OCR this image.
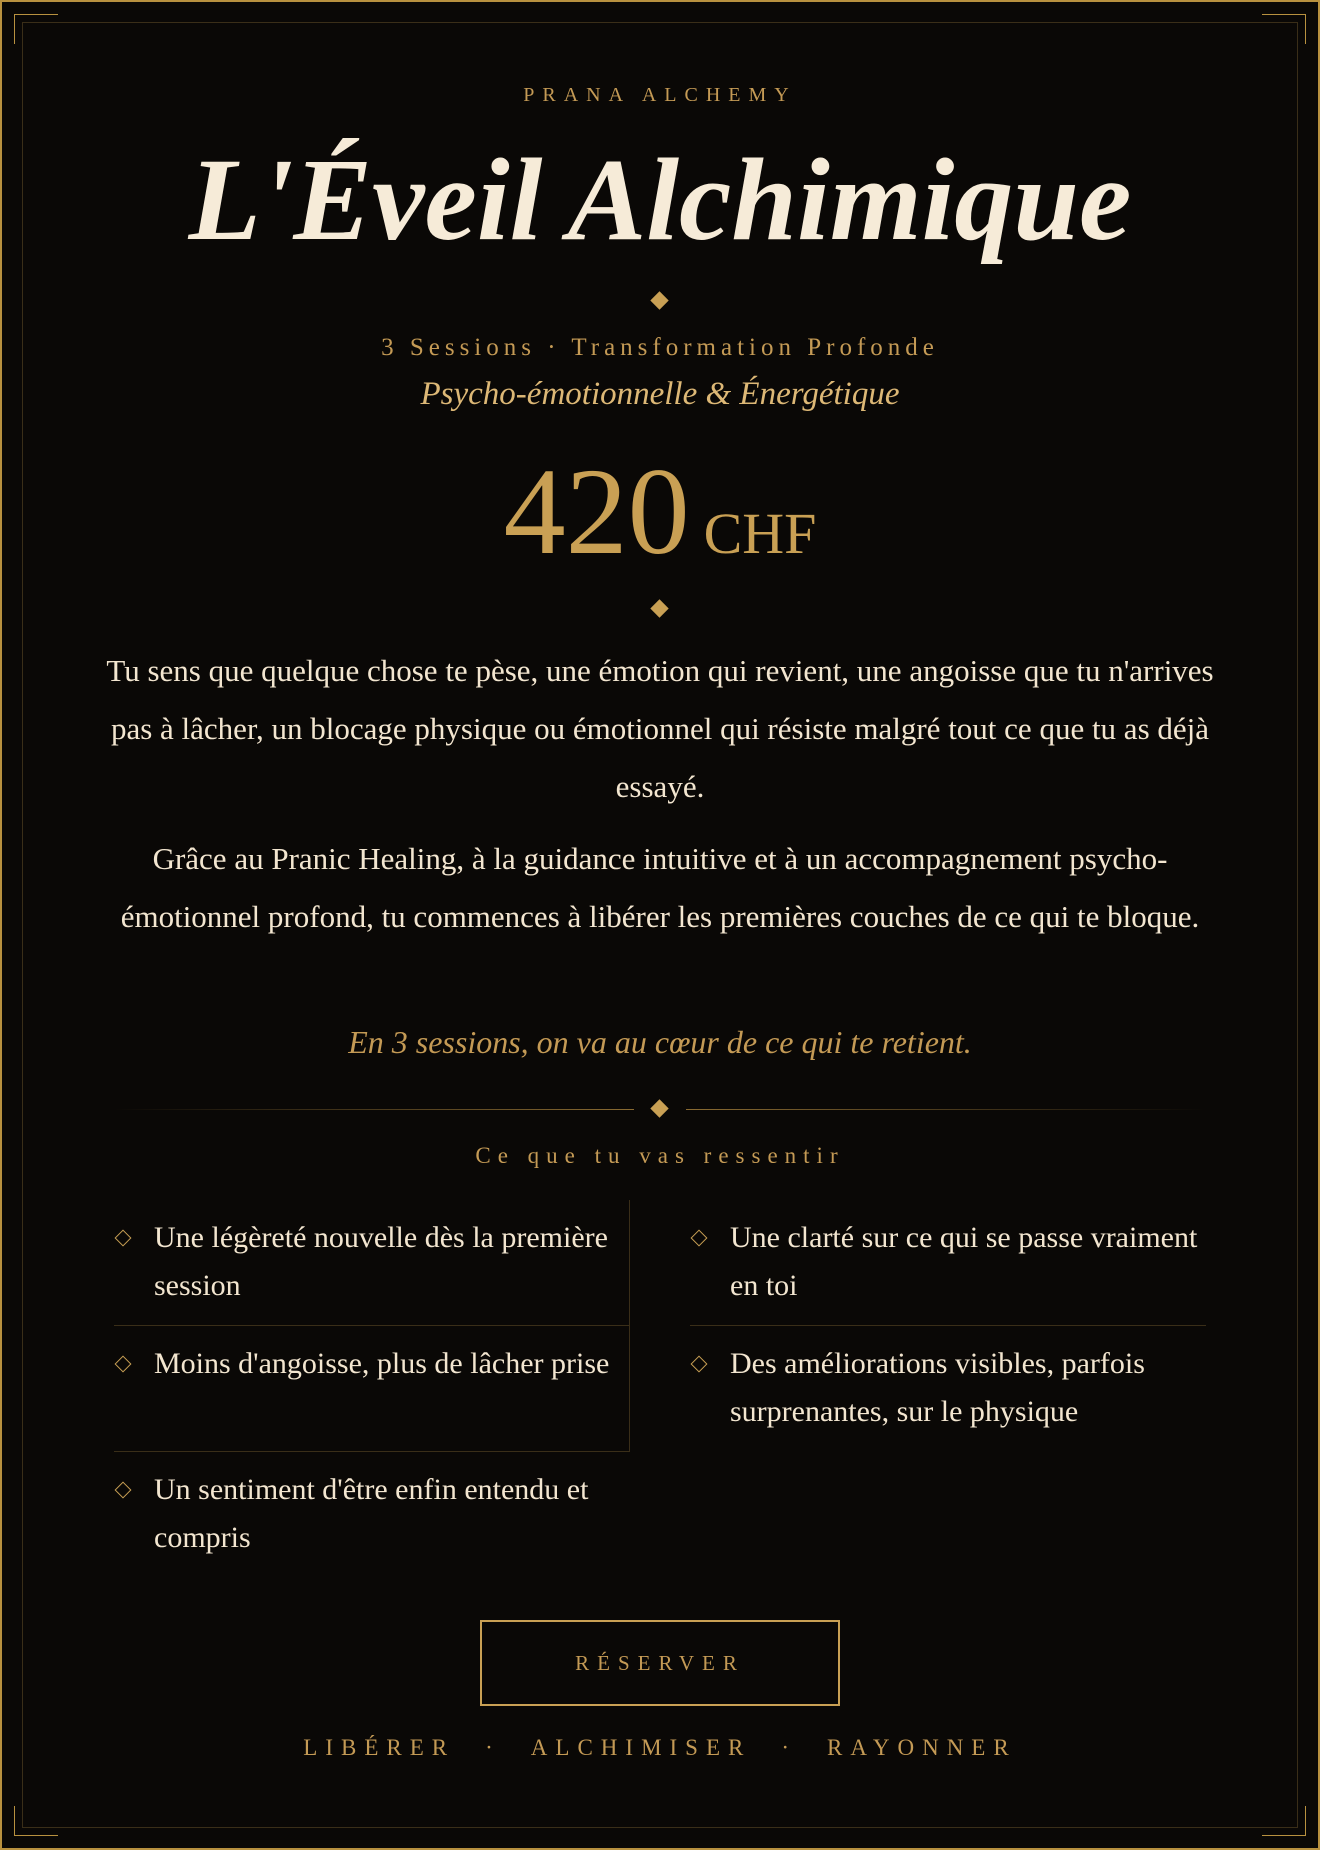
PRANA ALCHEMY
L'Éveil Alchimique
3 Sessions · Transformation Profonde
Psycho-émotionnelle & Énergétique
420 CHF

Tu sens que quelque chose te pèse, une émotion qui revient, une angoisse que tu n'arrives pas à lâcher, un blocage physique ou émotionnel qui résiste malgré tout ce que tu as déjà essayé.

Grâce au Pranic Healing, à la guidance intuitive et à un accompagnement psycho-émotionnel profond, tu commences à libérer les premières couches de ce qui te bloque.

En 3 sessions, on va au cœur de ce qui te retient.

Ce que tu vas ressentir
Une légèreté nouvelle dès la première session
Moins d'angoisse, plus de lâcher prise
Une clarté sur ce qui se passe vraiment en toi
Des améliorations visibles, parfois surprenantes, sur le physique
Un sentiment d'être enfin entendu et compris
RÉSERVER
LIBÉRER · ALCHIMISER · RAYONNER
